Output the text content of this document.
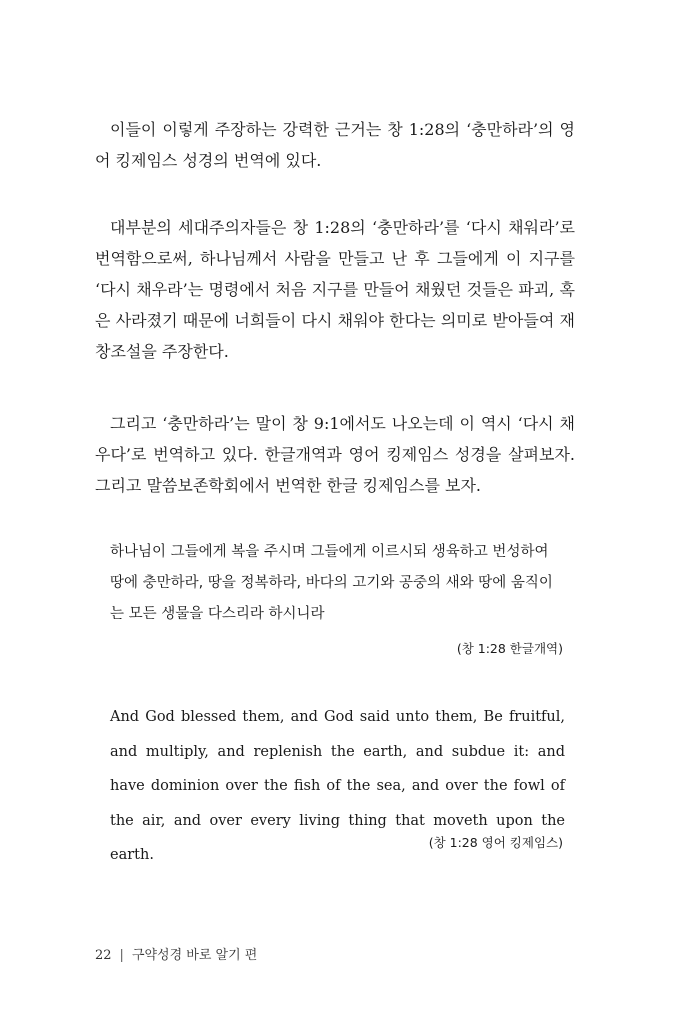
이들이 이렇게 주장하는 강력한 근거는 창 1:28의 ‘충만하라’의 영어 킹제임스 성경의 번역에 있다.

대부분의 세대주의자들은 창 1:28의 ‘충만하라’를 ‘다시 채워라’로 번역함으로써, 하나님께서 사람을 만들고 난 후 그들에게 이 지구를 ‘다시 채우라’는 명령에서 처음 지구를 만들어 채웠던 것들은 파괴, 혹은 사라졌기 때문에 너희들이 다시 채워야 한다는 의미로 받아들여 재창조설을 주장한다.

그리고 ‘충만하라’는 말이 창 9:1에서도 나오는데 이 역시 ‘다시 채우다’로 번역하고 있다. 한글개역과 영어 킹제임스 성경을 살펴보자. 그리고 말씀보존학회에서 번역한 한글 킹제임스를 보자.

하나님이 그들에게 복을 주시며 그들에게 이르시되 생육하고 번성하여 땅에 충만하라, 땅을 정복하라, 바다의 고기와 공중의 새와 땅에 움직이는 모든 생물을 다스리라 하시니라

(창 1:28 한글개역)

And God blessed them, and God said unto them, Be fruitful, and multiply, and replenish the earth, and subdue it: and have dominion over the fish of the sea, and over the fowl of the air, and over every living thing that moveth upon the earth.

(창 1:28 영어 킹제임스)

22 | 구약성경 바로 알기 편
